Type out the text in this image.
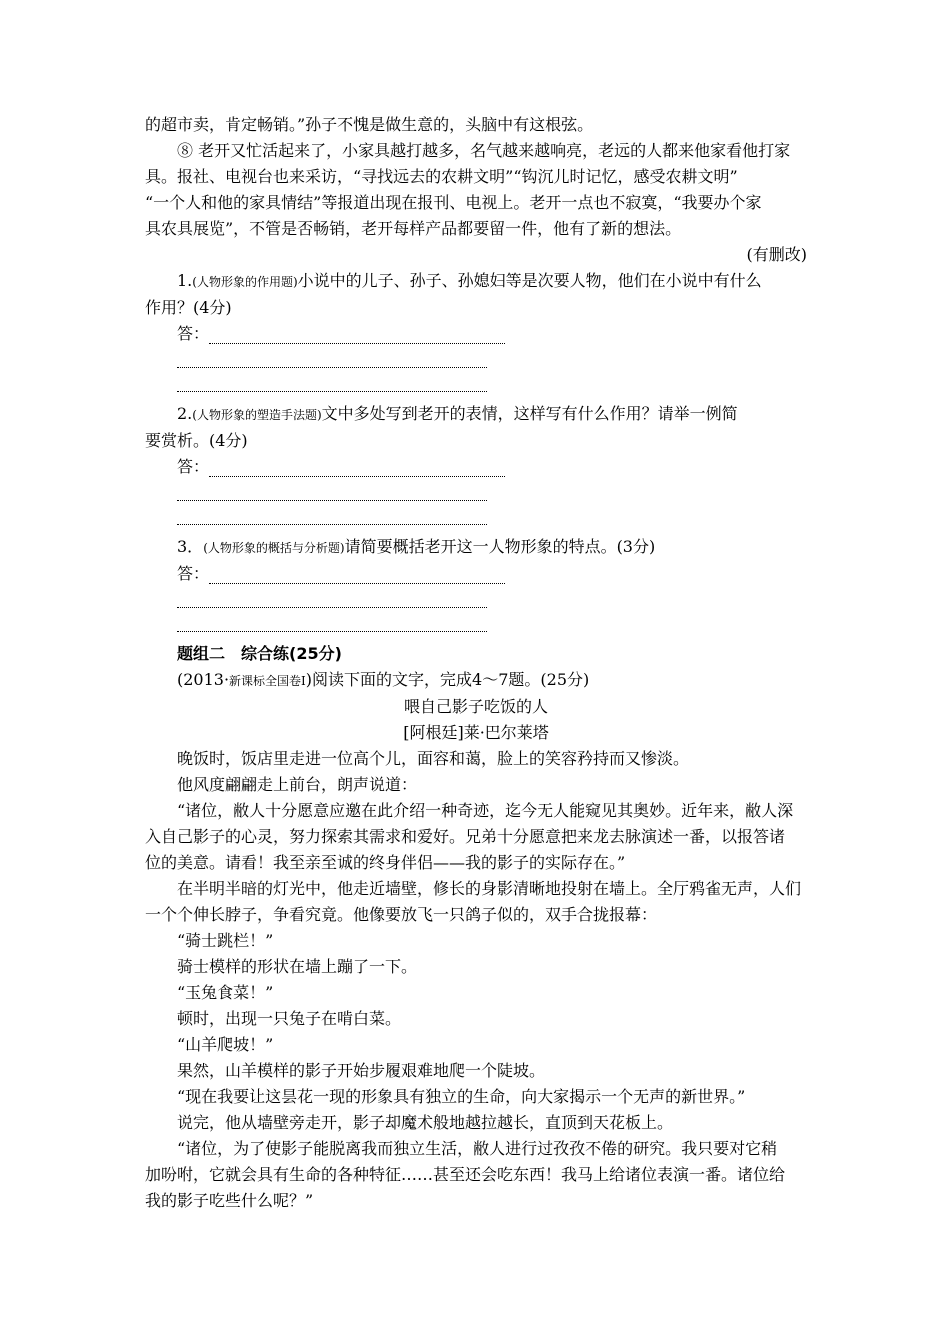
的超市卖，肯定畅销。”孙子不愧是做生意的，头脑中有这根弦。
⑧ 老开又忙活起来了，小家具越打越多，名气越来越响亮，老远的人都来他家看他打家
具。报社、电视台也来采访，“寻找远去的农耕文明”“钩沉儿时记忆，感受农耕文明”
“一个人和他的家具情结”等报道出现在报刊、电视上。老开一点也不寂寞，“我要办个家
具农具展览”，不管是否畅销，老开每样产品都要留一件，他有了新的想法。
(有删改)
1.(人物形象的作用题)小说中的儿子、孙子、孙媳妇等是次要人物，他们在小说中有什么
作用？(4分)
答：
2.(人物形象的塑造手法题)文中多处写到老开的表情，这样写有什么作用？请举一例简
要赏析。(4分)
答：
3．(人物形象的概括与分析题)请简要概括老开这一人物形象的特点。(3分)
答：
题组二　综合练(25分)
(2013·新课标全国卷Ⅰ)阅读下面的文字，完成4～7题。(25分)
喂自己影子吃饭的人
[阿根廷]莱·巴尔莱塔
晚饭时，饭店里走进一位高个儿，面容和蔼，脸上的笑容矜持而又惨淡。
他风度翩翩走上前台，朗声说道：
“诸位，敝人十分愿意应邀在此介绍一种奇迹，迄今无人能窥见其奥妙。近年来，敝人深
入自己影子的心灵，努力探索其需求和爱好。兄弟十分愿意把来龙去脉演述一番，以报答诸
位的美意。请看！我至亲至诚的终身伴侣——我的影子的实际存在。”
在半明半暗的灯光中，他走近墙壁，修长的身影清晰地投射在墙上。全厅鸦雀无声，人们
一个个伸长脖子，争看究竟。他像要放飞一只鸽子似的，双手合拢报幕：
“骑士跳栏！”
骑士模样的形状在墙上蹦了一下。
“玉兔食菜！”
顿时，出现一只兔子在啃白菜。
“山羊爬坡！”
果然，山羊模样的影子开始步履艰难地爬一个陡坡。
“现在我要让这昙花一现的形象具有独立的生命，向大家揭示一个无声的新世界。”
说完，他从墙壁旁走开，影子却魔术般地越拉越长，直顶到天花板上。
“诸位，为了使影子能脱离我而独立生活，敝人进行过孜孜不倦的研究。我只要对它稍
加吩咐，它就会具有生命的各种特征……甚至还会吃东西！我马上给诸位表演一番。诸位给
我的影子吃些什么呢？”
